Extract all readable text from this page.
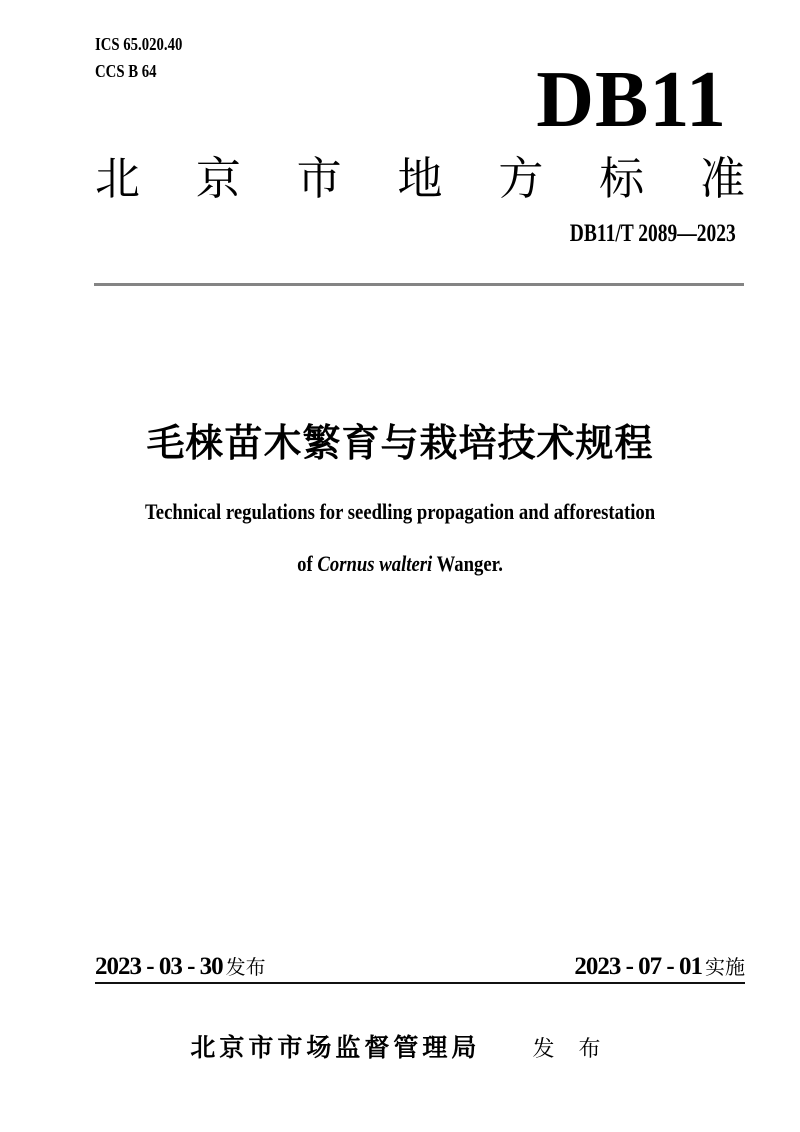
ICS 65.020.40
CCS B 64	DB11
北 京 市 地 方 标 准
DB11/T 2089—2023
毛梾苗木繁育与栽培技术规程
Technical regulations for seedling propagation and afforestation
of Cornus walteri Wanger.
2023 - 03 - 30 发布	2023 - 07 - 01 实施
北京市市场监督管理局 发 布
